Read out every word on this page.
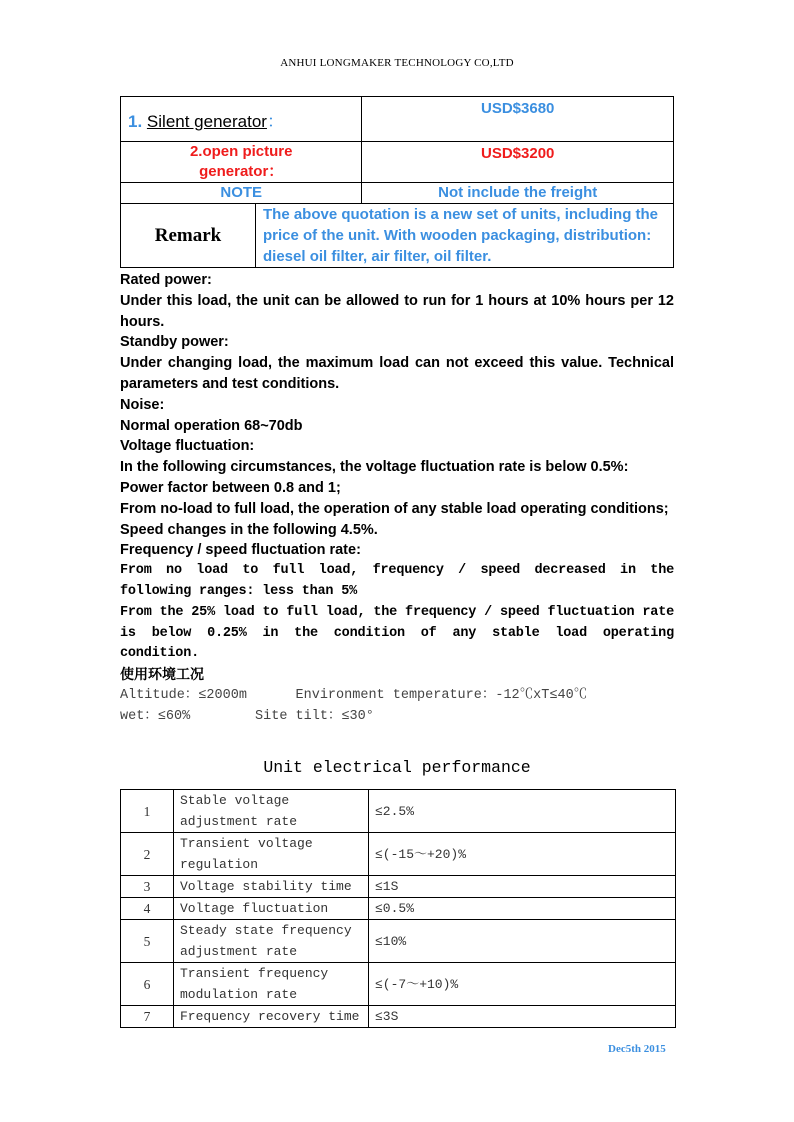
ANHUI LONGMAKER TECHNOLOGY CO,LTD
1. Silent generator：		USD$3680

2.open picture
generator：		USD$3200
NOTE		Not include the freight
Remark	The above quotation is a new set of units, including the price of the unit. With wooden packaging, distribution: diesel oil filter, air filter, oil filter.	

Rated power:

Under this load, the unit can be allowed to run for 1 hours at 10% hours per 12 hours.

Standby power:

Under changing load, the maximum load can not exceed this value. Technical parameters and test conditions.

Noise:

Normal operation 68~70db

Voltage fluctuation:

In the following circumstances, the voltage fluctuation rate is below 0.5%:

Power factor between 0.8 and 1;

From no-load to full load, the operation of any stable load operating conditions;

Speed changes in the following 4.5%.

Frequency / speed fluctuation rate:

From no load to full load, frequency / speed decreased in the following ranges: less than 5%

From the 25% load to full load, the frequency / speed fluctuation rate is below 0.25% in the condition of any stable load operating condition.

使用环境工况

Altitude：≤2000m      Environment temperature：-12℃xT≤40℃

wet：≤60%        Site tilt：≤30°

Unit electrical performance
1	Stable voltage adjustment rate	≤2.5%
2	Transient voltage regulation	≤(-15～+20)%
3	Voltage stability time	≤1S
4	Voltage fluctuation	≤0.5%
5	Steady state frequency adjustment rate	≤10%
6	Transient frequency modulation rate	≤(-7～+10)%
7	Frequency recovery time	≤3S
Dec5th 2015
